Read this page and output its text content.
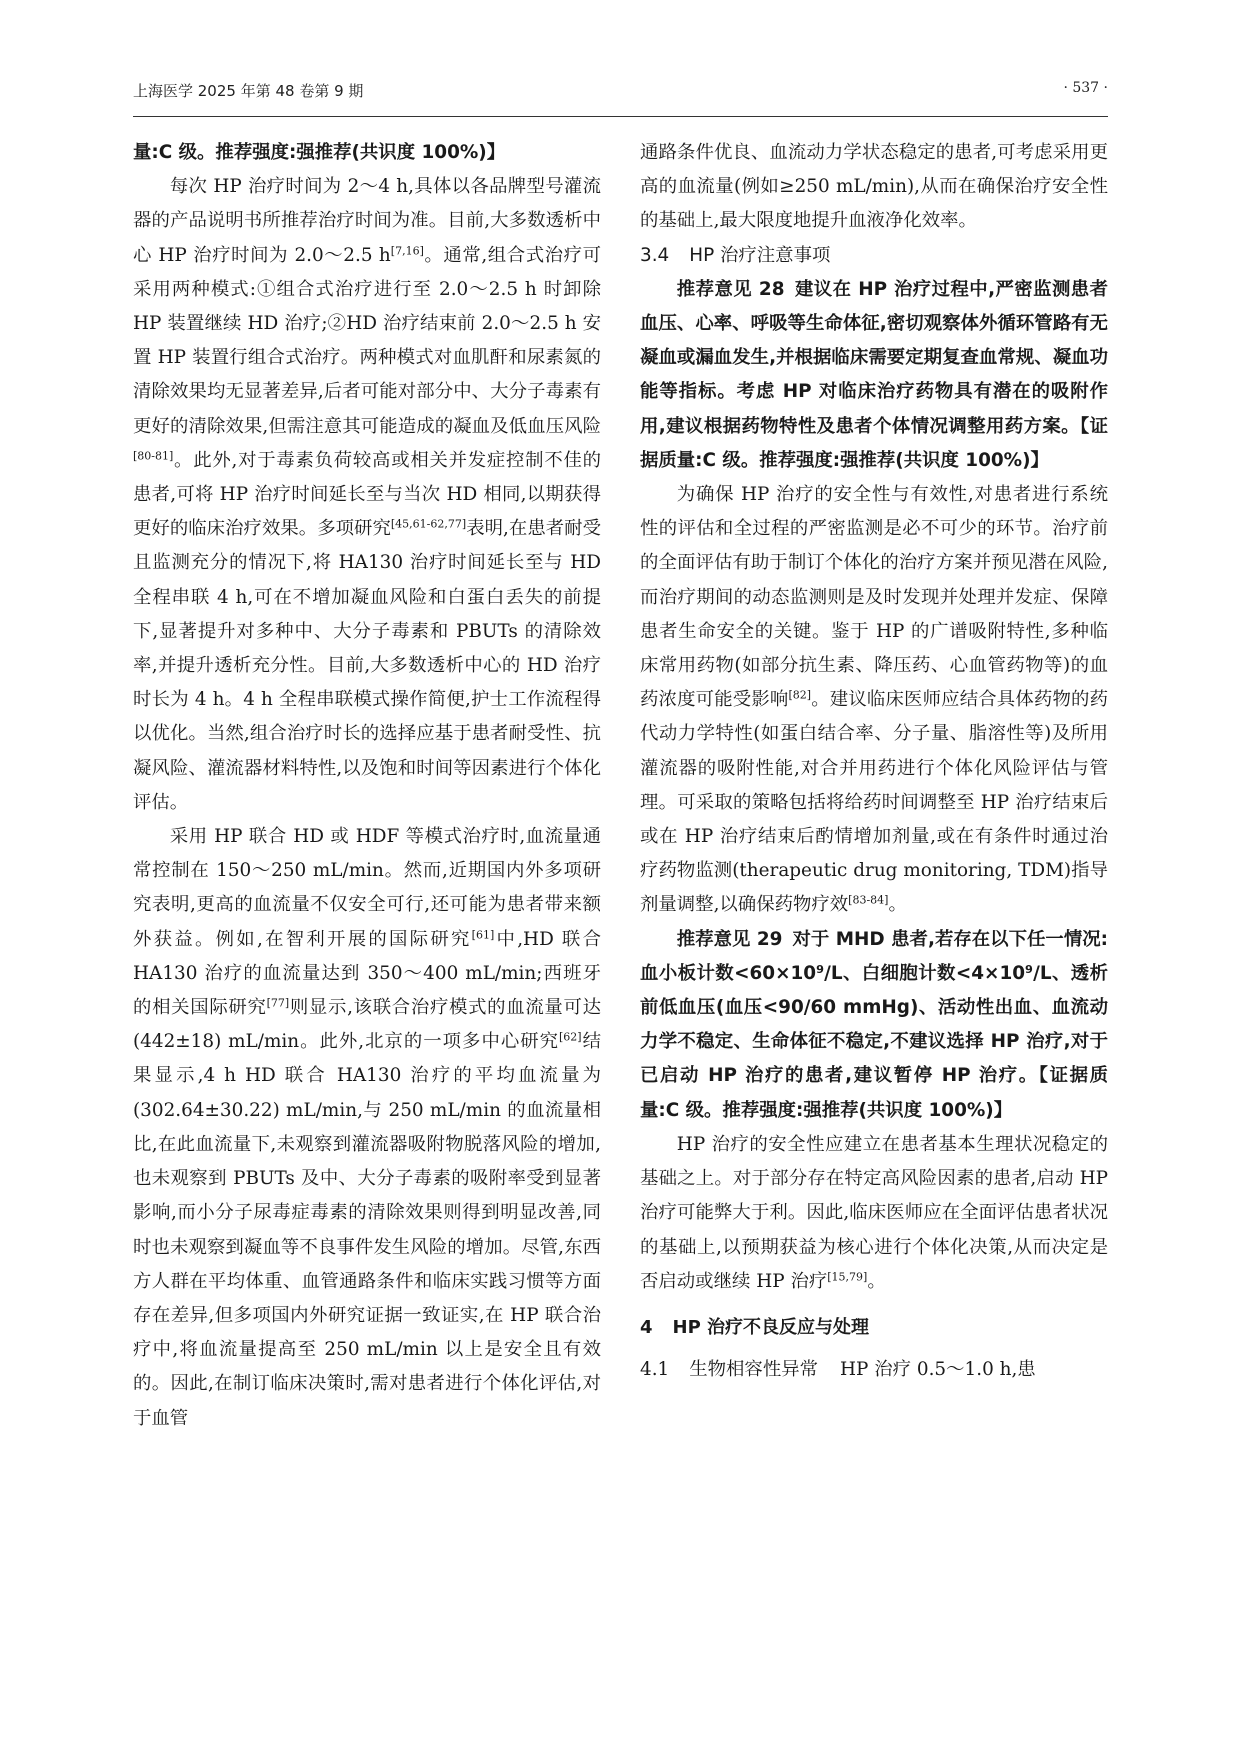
上海医学 2025 年第 48 卷第 9 期	· 537 ·

量:C 级。推荐强度:强推荐(共识度 100%)】

每次 HP 治疗时间为 2～4 h,具体以各品牌型号灌流器的产品说明书所推荐治疗时间为准。目前,大多数透析中心 HP 治疗时间为 2.0～2.5 h[7,16]。通常,组合式治疗可采用两种模式:①组合式治疗进行至 2.0～2.5 h 时卸除 HP 装置继续 HD 治疗;②HD 治疗结束前 2.0～2.5 h 安置 HP 装置行组合式治疗。两种模式对血肌酐和尿素氮的清除效果均无显著差异,后者可能对部分中、大分子毒素有更好的清除效果,但需注意其可能造成的凝血及低血压风险[80-81]。此外,对于毒素负荷较高或相关并发症控制不佳的患者,可将 HP 治疗时间延长至与当次 HD 相同,以期获得更好的临床治疗效果。多项研究[45,61-62,77]表明,在患者耐受且监测充分的情况下,将 HA130 治疗时间延长至与 HD 全程串联 4 h,可在不增加凝血风险和白蛋白丢失的前提下,显著提升对多种中、大分子毒素和 PBUTs 的清除效率,并提升透析充分性。目前,大多数透析中心的 HD 治疗时长为 4 h。4 h 全程串联模式操作简便,护士工作流程得以优化。当然,组合治疗时长的选择应基于患者耐受性、抗凝风险、灌流器材料特性,以及饱和时间等因素进行个体化评估。

采用 HP 联合 HD 或 HDF 等模式治疗时,血流量通常控制在 150～250 mL/min。然而,近期国内外多项研究表明,更高的血流量不仅安全可行,还可能为患者带来额外获益。例如,在智利开展的国际研究[61]中,HD 联合 HA130 治疗的血流量达到 350～400 mL/min;西班牙的相关国际研究[77]则显示,该联合治疗模式的血流量可达(442±18) mL/min。此外,北京的一项多中心研究[62]结果显示,4 h HD 联合 HA130 治疗的平均血流量为(302.64±30.22) mL/min,与 250 mL/min 的血流量相比,在此血流量下,未观察到灌流器吸附物脱落风险的增加,也未观察到 PBUTs 及中、大分子毒素的吸附率受到显著影响,而小分子尿毒症毒素的清除效果则得到明显改善,同时也未观察到凝血等不良事件发生风险的增加。尽管,东西方人群在平均体重、血管通路条件和临床实践习惯等方面存在差异,但多项国内外研究证据一致证实,在 HP 联合治疗中,将血流量提高至 250 mL/min 以上是安全且有效的。因此,在制订临床决策时,需对患者进行个体化评估,对于血管

通路条件优良、血流动力学状态稳定的患者,可考虑采用更高的血流量(例如≥250 mL/min),从而在确保治疗安全性的基础上,最大限度地提升血液净化效率。

3.4 HP 治疗注意事项

推荐意见 28 建议在 HP 治疗过程中,严密监测患者血压、心率、呼吸等生命体征,密切观察体外循环管路有无凝血或漏血发生,并根据临床需要定期复查血常规、凝血功能等指标。考虑 HP 对临床治疗药物具有潜在的吸附作用,建议根据药物特性及患者个体情况调整用药方案。【证据质量:C 级。推荐强度:强推荐(共识度 100%)】

为确保 HP 治疗的安全性与有效性,对患者进行系统性的评估和全过程的严密监测是必不可少的环节。治疗前的全面评估有助于制订个体化的治疗方案并预见潜在风险,而治疗期间的动态监测则是及时发现并处理并发症、保障患者生命安全的关键。鉴于 HP 的广谱吸附特性,多种临床常用药物(如部分抗生素、降压药、心血管药物等)的血药浓度可能受影响[82]。建议临床医师应结合具体药物的药代动力学特性(如蛋白结合率、分子量、脂溶性等)及所用灌流器的吸附性能,对合并用药进行个体化风险评估与管理。可采取的策略包括将给药时间调整至 HP 治疗结束后或在 HP 治疗结束后酌情增加剂量,或在有条件时通过治疗药物监测(therapeutic drug monitoring, TDM)指导剂量调整,以确保药物疗效[83-84]。

推荐意见 29 对于 MHD 患者,若存在以下任一情况:血小板计数<60×10⁹/L、白细胞计数<4×10⁹/L、透析前低血压(血压<90/60 mmHg)、活动性出血、血流动力学不稳定、生命体征不稳定,不建议选择 HP 治疗,对于已启动 HP 治疗的患者,建议暂停 HP 治疗。【证据质量:C 级。推荐强度:强推荐(共识度 100%)】

HP 治疗的安全性应建立在患者基本生理状况稳定的基础之上。对于部分存在特定高风险因素的患者,启动 HP 治疗可能弊大于利。因此,临床医师应在全面评估患者状况的基础上,以预期获益为核心进行个体化决策,从而决定是否启动或继续 HP 治疗[15,79]。

4 HP 治疗不良反应与处理

4.1 生物相容性异常 HP 治疗 0.5～1.0 h,患
